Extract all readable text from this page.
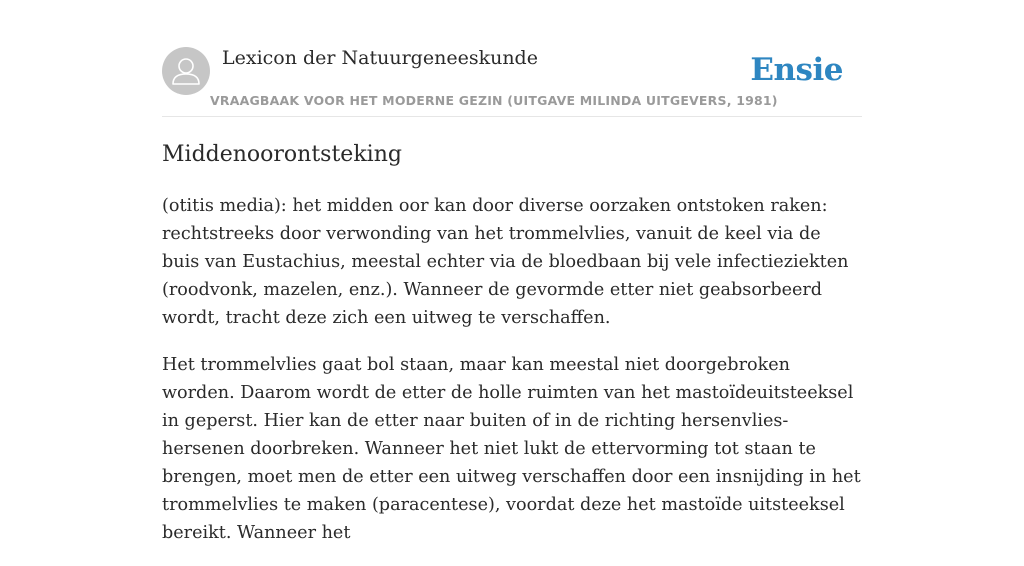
Lexicon der Natuurgeneeskunde
VRAAGBAAK VOOR HET MODERNE GEZIN (UITGAVE MILINDA UITGEVERS, 1981)
Ensie
Middenoorontsteking

(otitis media): het midden oor kan door diverse oorzaken ontstoken raken: rechtstreeks door verwonding van het trommelvlies, vanuit de keel via de buis van Eustachius, meestal echter via de bloedbaan bij vele infectieziekten (roodvonk, mazelen, enz.). Wanneer de gevormde etter niet geabsorbeerd wordt, tracht deze zich een uitweg te verschaffen.

Het trommelvlies gaat bol staan, maar kan meestal niet doorgebroken worden. Daarom wordt de etter de holle ruimten van het mastoïdeuitsteeksel in geperst. Hier kan de etter naar buiten of in de richting hersenvlies-hersenen doorbreken. Wanneer het niet lukt de ettervorming tot staan te brengen, moet men de etter een uitweg verschaffen door een insnijding in het trommelvlies te maken (paracentese), voordat deze het mastoïde uitsteeksel bereikt. Wanneer het
